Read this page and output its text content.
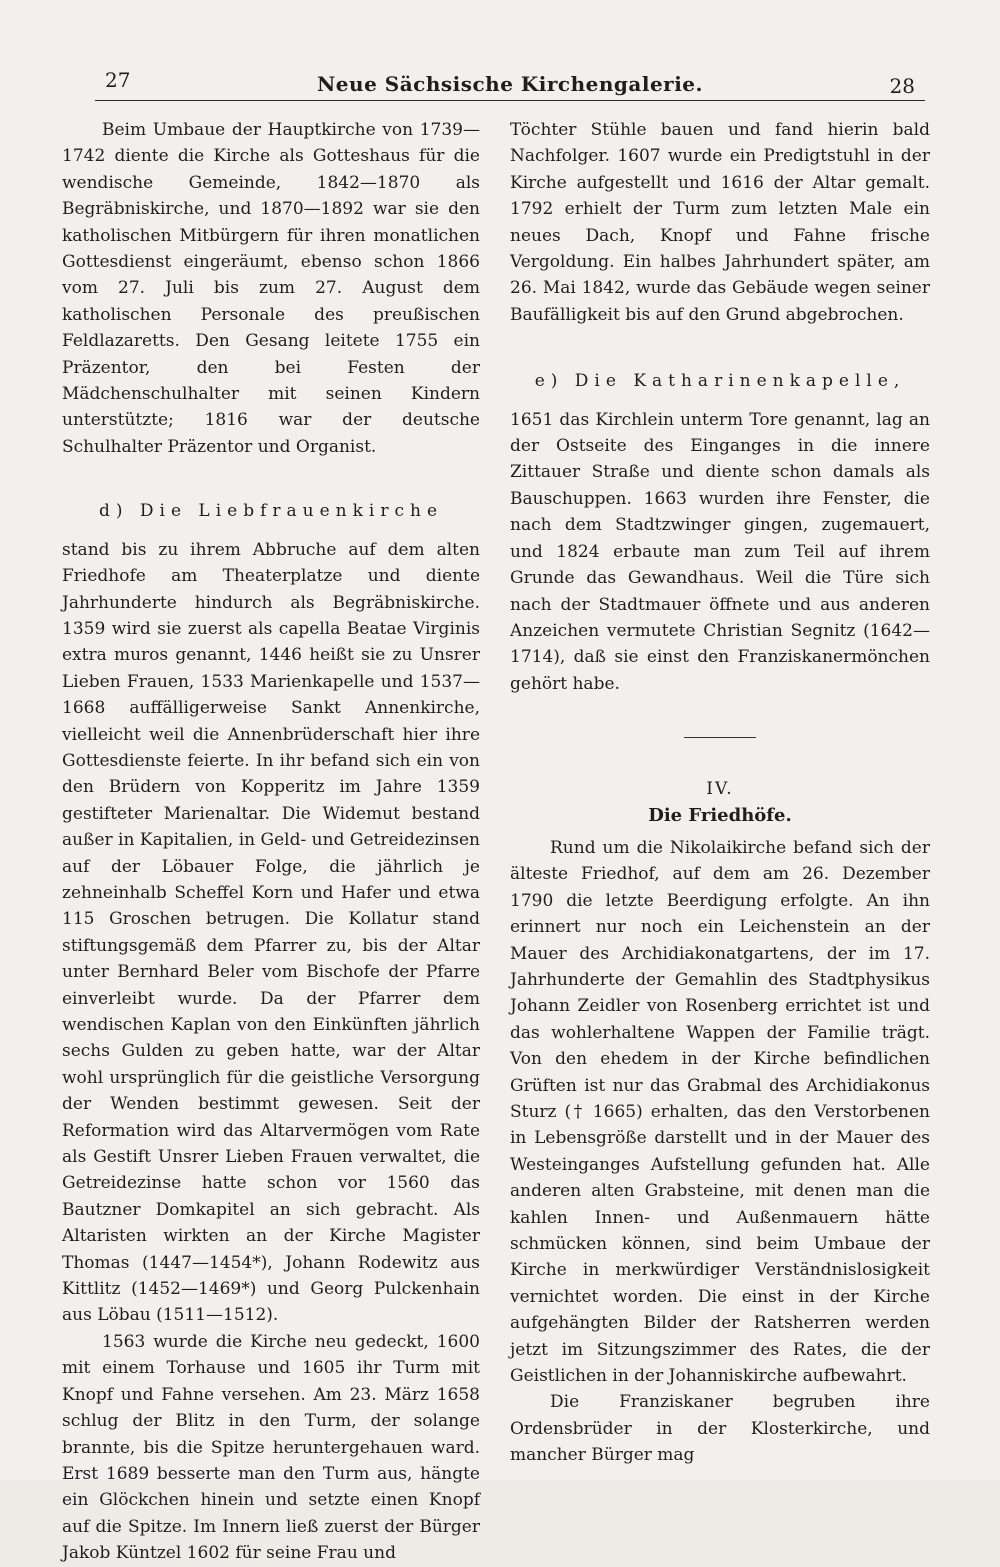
27	Neue Sächsische Kirchengalerie.	28

Beim Umbaue der Hauptkirche von 1739—1742 diente die Kirche als Gotteshaus für die wendische Gemeinde, 1842—1870 als Begräbniskirche, und 1870—1892 war sie den katholischen Mitbürgern für ihren monatlichen Gottesdienst eingeräumt, ebenso schon 1866 vom 27. Juli bis zum 27. August dem katholischen Personale des preußischen Feldlazaretts. Den Gesang leitete 1755 ein Präzentor, den bei Festen der Mädchenschulhalter mit seinen Kindern unterstützte; 1816 war der deutsche Schulhalter Präzentor und Organist.

d) Die Liebfrauenkirche

stand bis zu ihrem Abbruche auf dem alten Friedhofe am Theaterplatze und diente Jahrhunderte hindurch als Begräbniskirche. 1359 wird sie zuerst als capella Beatae Virginis extra muros genannt, 1446 heißt sie zu Unsrer Lieben Frauen, 1533 Marienkapelle und 1537—1668 auffälligerweise Sankt Annenkirche, vielleicht weil die Annenbrüderschaft hier ihre Gottesdienste feierte. In ihr befand sich ein von den Brüdern von Kopperitz im Jahre 1359 gestifteter Marienaltar. Die Widemut bestand außer in Kapitalien, in Geld- und Getreidezinsen auf der Löbauer Folge, die jährlich je zehneinhalb Scheffel Korn und Hafer und etwa 115 Groschen betrugen. Die Kollatur stand stiftungsgemäß dem Pfarrer zu, bis der Altar unter Bernhard Beler vom Bischofe der Pfarre einverleibt wurde. Da der Pfarrer dem wendischen Kaplan von den Einkünften jährlich sechs Gulden zu geben hatte, war der Altar wohl ursprünglich für die geistliche Versorgung der Wenden bestimmt gewesen. Seit der Reformation wird das Altarvermögen vom Rate als Gestift Unsrer Lieben Frauen verwaltet, die Getreidezinse hatte schon vor 1560 das Bautzner Domkapitel an sich gebracht. Als Altaristen wirkten an der Kirche Magister Thomas (1447—1454*), Johann Rodewitz aus Kittlitz (1452—1469*) und Georg Pulckenhain aus Löbau (1511—1512).

1563 wurde die Kirche neu gedeckt, 1600 mit einem Torhause und 1605 ihr Turm mit Knopf und Fahne versehen. Am 23. März 1658 schlug der Blitz in den Turm, der solange brannte, bis die Spitze heruntergehauen ward. Erst 1689 besserte man den Turm aus, hängte ein Glöckchen hinein und setzte einen Knopf auf die Spitze. Im Innern ließ zuerst der Bürger Jakob Küntzel 1602 für seine Frau und

Töchter Stühle bauen und fand hierin bald Nachfolger. 1607 wurde ein Predigtstuhl in der Kirche aufgestellt und 1616 der Altar gemalt. 1792 erhielt der Turm zum letzten Male ein neues Dach, Knopf und Fahne frische Vergoldung. Ein halbes Jahrhundert später, am 26. Mai 1842, wurde das Gebäude wegen seiner Baufälligkeit bis auf den Grund abgebrochen.

e) Die Katharinenkapelle,

1651 das Kirchlein unterm Tore genannt, lag an der Ostseite des Einganges in die innere Zittauer Straße und diente schon damals als Bauschuppen. 1663 wurden ihre Fenster, die nach dem Stadtzwinger gingen, zugemauert, und 1824 erbaute man zum Teil auf ihrem Grunde das Gewandhaus. Weil die Türe sich nach der Stadtmauer öffnete und aus anderen Anzeichen vermutete Christian Segnitz (1642—1714), daß sie einst den Franziskanermönchen gehört habe.

IV.

Die Friedhöfe.

Rund um die Nikolaikirche befand sich der älteste Friedhof, auf dem am 26. Dezember 1790 die letzte Beerdigung erfolgte. An ihn erinnert nur noch ein Leichenstein an der Mauer des Archidiakonatgartens, der im 17. Jahrhunderte der Gemahlin des Stadtphysikus Johann Zeidler von Rosenberg errichtet ist und das wohlerhaltene Wappen der Familie trägt. Von den ehedem in der Kirche befindlichen Grüften ist nur das Grabmal des Archidiakonus Sturz († 1665) erhalten, das den Verstorbenen in Lebensgröße darstellt und in der Mauer des Westeinganges Aufstellung gefunden hat. Alle anderen alten Grabsteine, mit denen man die kahlen Innen- und Außenmauern hätte schmücken können, sind beim Umbaue der Kirche in merkwürdiger Verständnislosigkeit vernichtet worden. Die einst in der Kirche aufgehängten Bilder der Ratsherren werden jetzt im Sitzungszimmer des Rates, die der Geistlichen in der Johanniskirche aufbewahrt.

Die Franziskaner begruben ihre Ordensbrüder in der Klosterkirche, und mancher Bürger mag
